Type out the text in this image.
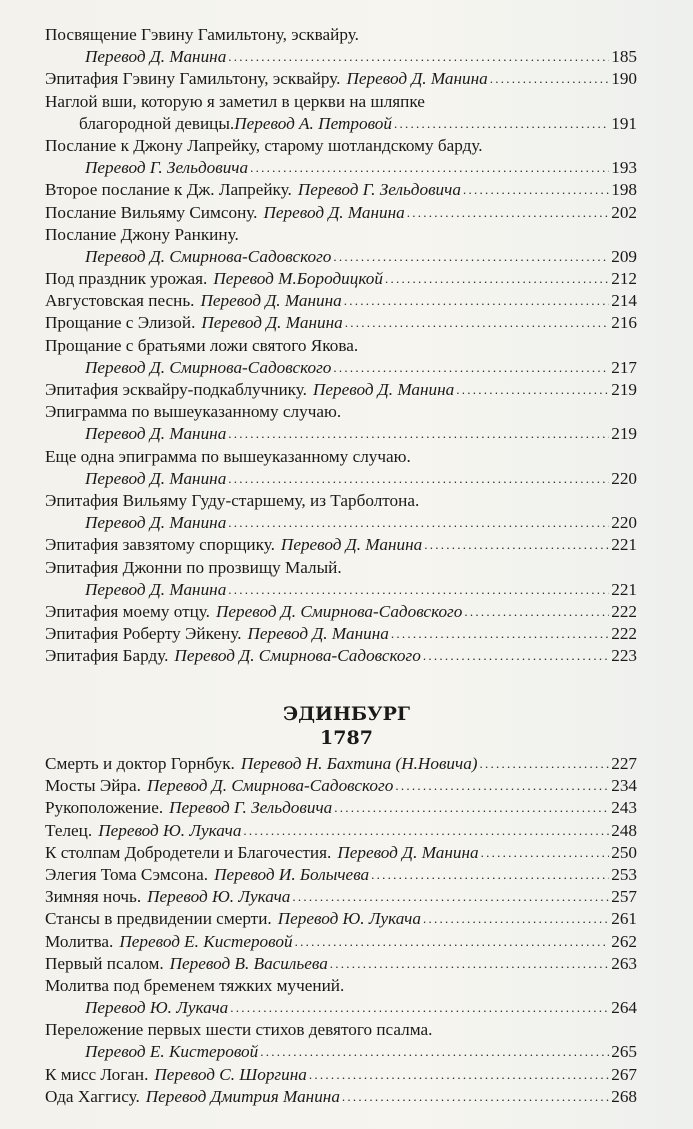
Посвящение Гэвину Гамильтону, эсквайру.
Перевод Д. Манина . . .	185
Эпитафия Гэвину Гамильтону, эсквайру. Перевод Д. Манина . . .	190
Наглой вши, которую я заметил в церкви на шляпке
благородной девицы. Перевод А. Петровой . . .	191
Послание к Джону Лапрейку, старому шотландскому барду.
Перевод Г. Зельдовича . . .	193
Второе послание к Дж. Лапрейку. Перевод Г. Зельдовича . . .	198
Послание Вильяму Симсону. Перевод Д. Манина . . .	202
Послание Джону Ранкину.
Перевод Д. Смирнова-Садовского . . .	209
Под праздник урожая. Перевод М.Бородицкой . . .	212
Августовская песнь. Перевод Д. Манина . . .	214
Прощание с Элизой. Перевод Д. Манина . . .	216
Прощание с братьями ложи святого Якова.
Перевод Д. Смирнова-Садовского . . .	217
Эпитафия эсквайру-подкаблучнику. Перевод Д. Манина . . .	219
Эпиграмма по вышеуказанному случаю.
Перевод Д. Манина . . .	219
Еще одна эпиграмма по вышеуказанному случаю.
Перевод Д. Манина . . .	220
Эпитафия Вильяму Гуду-старшему, из Тарболтона.
Перевод Д. Манина . . .	220
Эпитафия завзятому спорщику. Перевод Д. Манина . . .	221
Эпитафия Джонни по прозвищу Малый.
Перевод Д. Манина . . .	221
Эпитафия моему отцу. Перевод Д. Смирнова-Садовского . . .	222
Эпитафия Роберту Эйкену. Перевод Д. Манина . . .	222
Эпитафия Барду. Перевод Д. Смирнова-Садовского . . .	223
ЭДИНБУРГ
1787
Смерть и доктор Горнбук. Перевод Н. Бахтина (Н.Новича) . . .	227
Мосты Эйра. Перевод Д. Смирнова-Садовского . . .	234
Рукоположение. Перевод Г. Зельдовича . . .	243
Телец. Перевод Ю. Лукача . . .	248
К столпам Добродетели и Благочестия. Перевод Д. Манина . . .	250
Элегия Тома Сэмсона. Перевод И. Болычева . . .	253
Зимняя ночь. Перевод Ю. Лукача . . .	257
Стансы в предвидении смерти. Перевод Ю. Лукача . . .	261
Молитва. Перевод Е. Кистеровой . . .	262
Первый псалом. Перевод В. Васильева . . .	263
Молитва под бременем тяжких мучений.
Перевод Ю. Лукача . . .	264
Переложение первых шести стихов девятого псалма.
Перевод Е. Кистеровой . . .	265
К мисс Логан. Перевод С. Шоргина . . .	267
Ода Хаггису. Перевод Дмитрия Манина . . .	268
